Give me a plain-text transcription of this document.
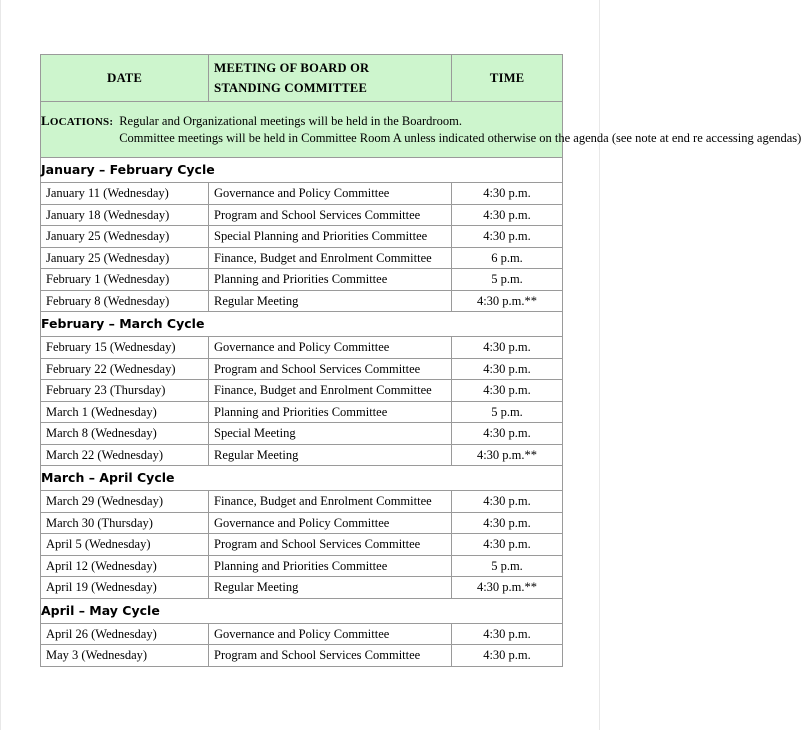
DATE	MEETING OF BOARD OR
STANDING COMMITTEE	TIME

LOCATIONS: Regular and Organizational meetings will be held in the Boardroom.
Committee meetings will be held in Committee Room A unless indicated otherwise on the agenda (see note at end re accessing agendas)		

January – February Cycle		
January 11 (Wednesday)	Governance and Policy Committee	4:30 p.m.
January 18 (Wednesday)	Program and School Services Committee	4:30 p.m.
January 25 (Wednesday)	Special Planning and Priorities Committee	4:30 p.m.
January 25 (Wednesday)	Finance, Budget and Enrolment Committee	6 p.m.
February 1 (Wednesday)	Planning and Priorities Committee	5 p.m.
February 8 (Wednesday)	Regular Meeting	4:30 p.m.**
February – March Cycle		
February 15 (Wednesday)	Governance and Policy Committee	4:30 p.m.
February 22 (Wednesday)	Program and School Services Committee	4:30 p.m.
February 23 (Thursday)	Finance, Budget and Enrolment Committee	4:30 p.m.
March 1 (Wednesday)	Planning and Priorities Committee	5 p.m.
March 8 (Wednesday)	Special Meeting	4:30 p.m.
March 22 (Wednesday)	Regular Meeting	4:30 p.m.**
March – April Cycle		
March 29 (Wednesday)	Finance, Budget and Enrolment Committee	4:30 p.m.
March 30 (Thursday)	Governance and Policy Committee	4:30 p.m.
April 5 (Wednesday)	Program and School Services Committee	4:30 p.m.
April 12 (Wednesday)	Planning and Priorities Committee	5 p.m.
April 19 (Wednesday)	Regular Meeting	4:30 p.m.**
April – May Cycle		
April 26 (Wednesday)	Governance and Policy Committee	4:30 p.m.
May 3 (Wednesday)	Program and School Services Committee	4:30 p.m.
